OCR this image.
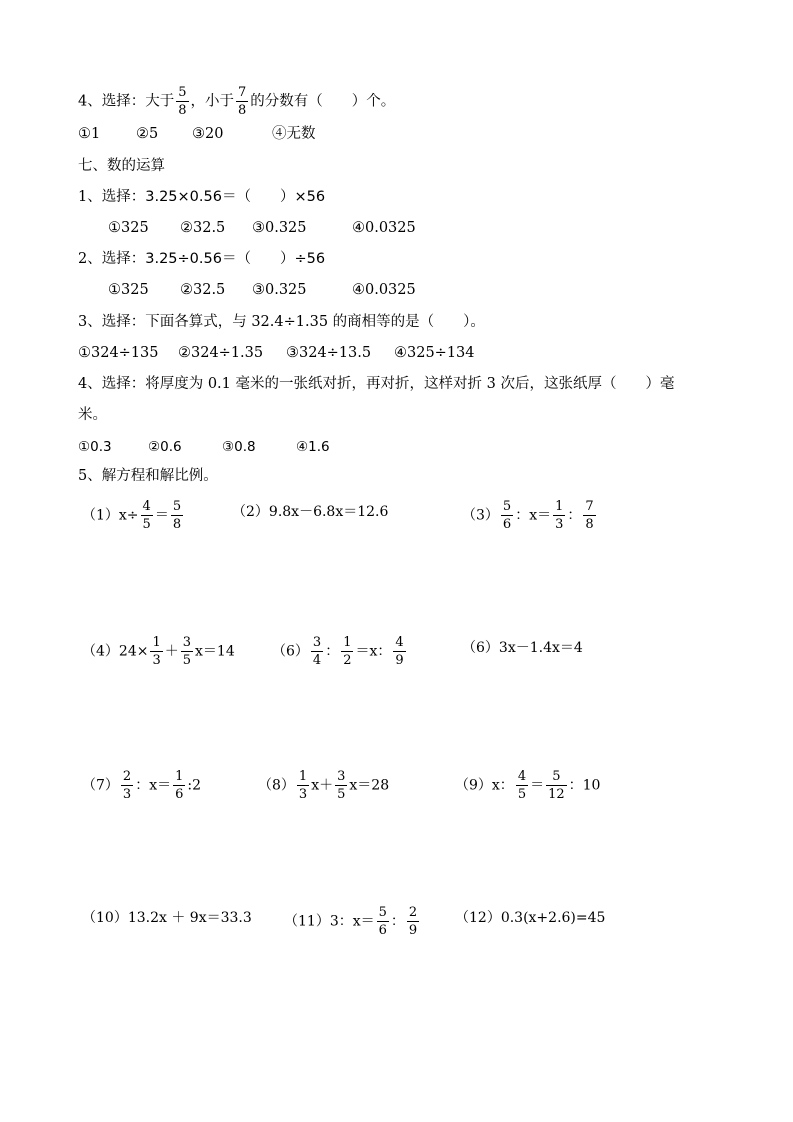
4、选择：大于 $\frac{5}{8}$ ，小于 $\frac{7}{8}$ 的分数有（　　）个。
①1 ②5 ③20	④无数
七、数的运算
1、选择：3.25×0.56＝（　　）×56
①325 ②32.5 ③0.325	④0.0325
2、选择：3.25÷0.56＝（　　）÷56
①325 ②32.5 ③0.325	④0.0325
3、选择：下面各算式，与 32.4÷1.35 的商相等的是（　　）。
①324÷135 ②324÷1.35 ③324÷13.5 ④325÷134
4、选择：将厚度为 0.1 毫米的一张纸对折，再对折，这样对折 3 次后，这张纸厚（　　）毫
米。
①0.3	②0.6	③0.8	④1.6
5、解方程和解比例。
$(1)x\div \frac{4}{5} = \frac{5}{8}$	（2）9.8x－6.8x＝12.6	$(3) \frac{5}{6}$ ：$x= \frac{1}{3}$ ： $\frac{7}{8}$
$(4)24\times \frac{1}{3} + \frac{3}{5} x=14$	$(6) \frac{3}{4}$ ： $\frac{1}{2} =x$： $\frac{4}{9}$	（6）3x－1.4x＝4
$(7) \frac{2}{3}$ ：$x= \frac{1}{6}$ :2	$(8) \frac{1}{3} x+ \frac{3}{5} x=28$	（9）x： $\frac{4}{5} = \frac{5}{12}$ ：10
（10）13.2x ＋ 9x＝33.3 （11）3：$x= \frac{5}{6}$ ： $\frac{2}{9}$	（12）0.3(x+2.6)=45
